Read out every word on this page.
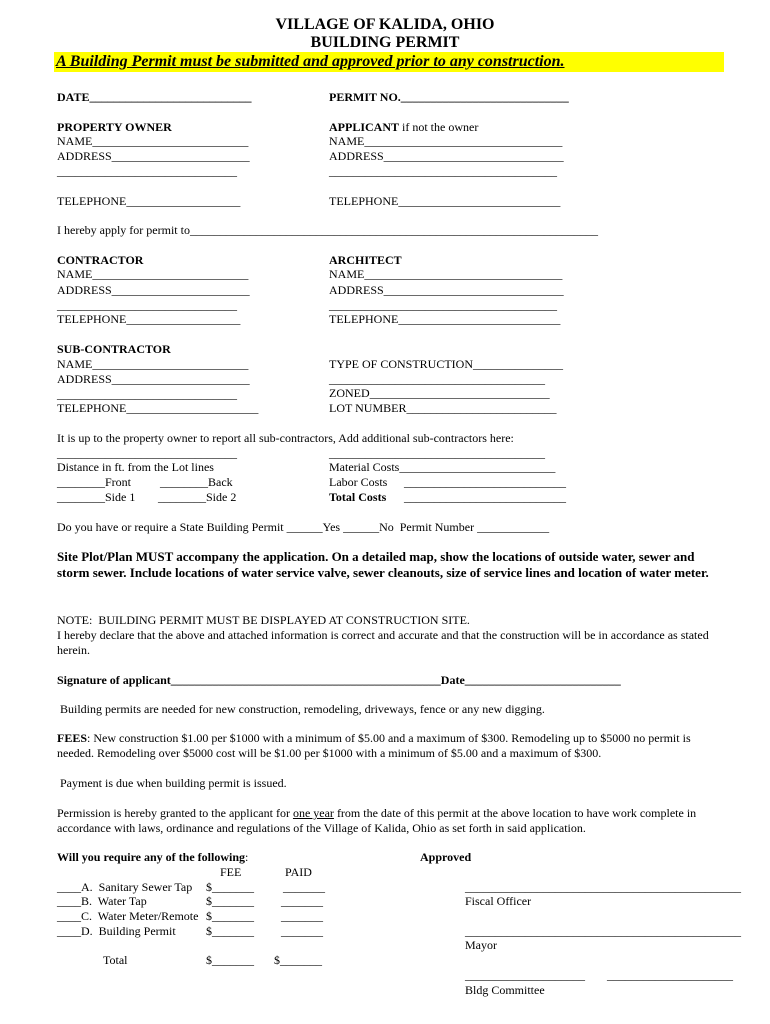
VILLAGE OF KALIDA, OHIO
BUILDING PERMIT
A Building Permit must be submitted and approved prior to any construction.
DATE___________________________	PERMIT NO.____________________________
PROPERTY OWNER
NAME__________________________
ADDRESS_______________________
______________________________
TELEPHONE___________________
APPLICANT if not the owner
NAME_________________________________
ADDRESS______________________________
______________________________________
TELEPHONE___________________________
I hereby apply for permit to____________________________________________________________________
CONTRACTOR
NAME__________________________
ADDRESS_______________________
______________________________
TELEPHONE___________________
ARCHITECT
NAME_________________________________
ADDRESS______________________________
______________________________________
TELEPHONE___________________________
SUB-CONTRACTOR
NAME__________________________
ADDRESS_______________________
______________________________
TELEPHONE______________________
TYPE OF CONSTRUCTION_______________
____________________________________
ZONED______________________________
LOT NUMBER_________________________
It is up to the property owner to report all sub-contractors, Add additional sub-contractors here:
______________________________	____________________________________
Distance in ft. from the Lot lines
________Front ________Back
________Side 1 ________Side 2
Material Costs__________________________
Labor Costs ___________________________
Total Costs ___________________________
Do you have or require a State Building Permit ______Yes ______No  Permit Number ____________
Site Plot/Plan MUST accompany the application. On a detailed map, show the locations of outside water, sewer and storm sewer. Include locations of water service valve, sewer cleanouts, size of service lines and location of water meter.
NOTE:  BUILDING PERMIT MUST BE DISPLAYED AT CONSTRUCTION SITE.
I hereby declare that the above and attached information is correct and accurate and that the construction will be in accordance as stated herein.
Signature of applicant_____________________________________________Date__________________________
Building permits are needed for new construction, remodeling, driveways, fence or any new digging.
FEES: New construction $1.00 per $1000 with a minimum of $5.00 and a maximum of $300. Remodeling up to $5000 no permit is needed. Remodeling over $5000 cost will be $1.00 per $1000 with a minimum of $5.00 and a maximum of $300.
Payment is due when building permit is issued.
Permission is hereby granted to the applicant for one year from the date of this permit at the above location to have work complete in accordance with laws, ordinance and regulations of the Village of Kalida, Ohio as set forth in said application.
Will you require any of the following:	Approved
FEE	PAID
____A.  Sanitary Sewer Tap $_______ _______
____B.  Water Tap	$_______ _______
____C.  Water Meter/Remote $_______ _______
____D.  Building Permit	$_______ _______
Total	$_______ $_______
______________________________________________
Fiscal Officer
______________________________________________
Mayor
____________________ _____________________
Bldg Committee
